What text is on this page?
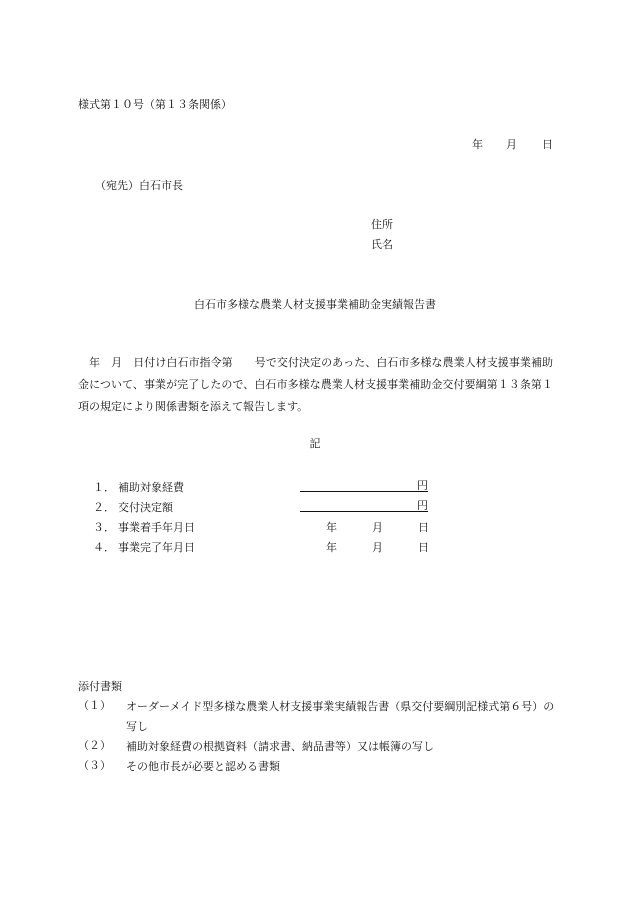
様式第１０号（第１３条関係）
年 月 日
（宛先）白石市長
住所
氏名
白石市多様な農業人材支援事業補助金実績報告書
　年　月　日付け白石市指令第　　号で交付決定のあった、白石市多様な農業人材支援事業補助金について、事業が完了したので、白石市多様な農業人材支援事業補助金交付要綱第１３条第１項の規定により関係書類を添えて報告します。
記
１． 補助対象経費	円
２． 交付決定額	円
３． 事業着手年月日	年	月	日
４． 事業完了年月日	年	月	日
添付書類
（１）	オーダーメイド型多様な農業人材支援事業実績報告書（県交付要綱別記様式第６号）の写し
（２）	補助対象経費の根拠資料（請求書、納品書等）又は帳簿の写し
（３）	その他市長が必要と認める書類
